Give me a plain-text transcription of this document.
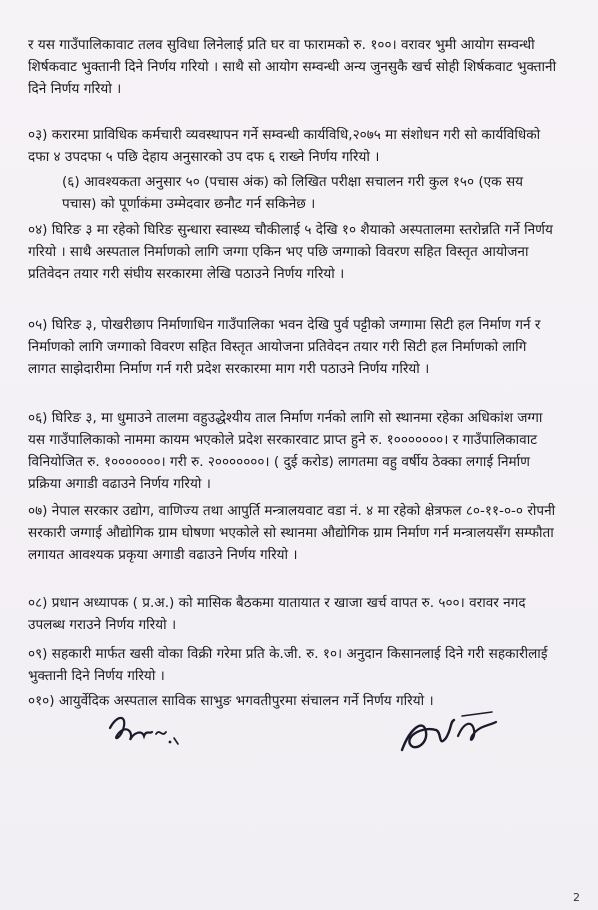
र यस गाउँपालिकावाट तलव सुविधा लिनेलाई प्रति घर वा फारामको रु. १००। वरावर भुमी आयोग सम्वन्धी शिर्षकवाट भुक्तानी दिने निर्णय गरियो । साथै सो आयोग सम्वन्धी अन्य जुनसुकै खर्च सोही शिर्षकवाट भुक्तानी दिने निर्णय गरियो ।
०३) करारमा प्राविधिक कर्मचारी व्यवस्थापन गर्ने सम्वन्धी कार्यविधि,२०७५ मा संशोधन गरी सो कार्यविधिको दफा ४ उपदफा ५ पछि देहाय अनुसारको उप दफ ६ राख्ने निर्णय गरियो ।
(६) आवश्यकता अनुसार ५० (पचास अंक) को लिखित परीक्षा सचालन गरी कुल १५० (एक सय पचास) को पूर्णाकंमा उम्मेदवार छनौट गर्न सकिनेछ ।
०४) घिरिङ ३ मा रहेको घिरिङ सुन्धारा स्वास्थ्य चौकीलाई ५ देखि १० शैयाको अस्पतालमा स्तरोन्नति गर्ने निर्णय गरियो । साथै अस्पताल निर्माणको लागि जग्गा एकिन भए पछि जग्गाको विवरण सहित विस्तृत आयोजना प्रतिवेदन तयार गरी संघीय सरकारमा लेखि पठाउने निर्णय गरियो ।
०५) घिरिङ ३, पोखरीछाप निर्माणाधिन गाउँपालिका भवन देखि पुर्व पट्टीको जग्गामा सिटी हल निर्माण गर्न र निर्माणको लागि जग्गाको विवरण सहित विस्तृत आयोजना प्रतिवेदन तयार गरी सिटी हल निर्माणको लागि लागत साझेदारीमा निर्माण गर्न गरी प्रदेश सरकारमा माग गरी पठाउने निर्णय गरियो ।
०६) घिरिङ ३, मा धुमाउने तालमा वहुउद्धेश्यीय ताल निर्माण गर्नको लागि सो स्थानमा रहेका अधिकांश जग्गा यस गाउँपालिकाको नाममा कायम भएकोले प्रदेश सरकारवाट प्राप्त हुने रु. १०००००००। र गाउँपालिकावाट विनियोजित रु. १०००००००। गरी रु. २०००००००। ( दुई करोड) लागतमा वहु वर्षीय ठेक्का लगाई निर्माण प्रक्रिया अगाडी वढाउने निर्णय गरियो ।
०७) नेपाल सरकार उद्योग, वाणिज्य तथा आपुर्ति मन्त्रालयवाट वडा नं. ४ मा रहेको क्षेत्रफल ८०-११-०-० रोपनी सरकारी जग्गाई औद्योगिक ग्राम घोषणा भएकोले सो स्थानमा औद्योगिक ग्राम निर्माण गर्न मन्त्रालयसँग सम्फौता लगायत आवश्यक प्रकृया अगाडी वढाउने निर्णय गरियो ।
०८) प्रधान अध्यापक ( प्र.अ.) को मासिक बैठकमा यातायात र खाजा खर्च वापत रु. ५००। वरावर नगद उपलब्ध गराउने निर्णय गरियो ।
०९) सहकारी मार्फत खसी वोका विक्री गरेमा प्रति के.जी. रु. १०। अनुदान किसानलाई दिने गरी सहकारीलाई भुक्तानी दिने निर्णय गरियो ।
०१०) आयुर्वेदिक अस्पताल साविक साभुङ भगवतीपुरमा संचालन गर्ने निर्णय गरियो ।
2
